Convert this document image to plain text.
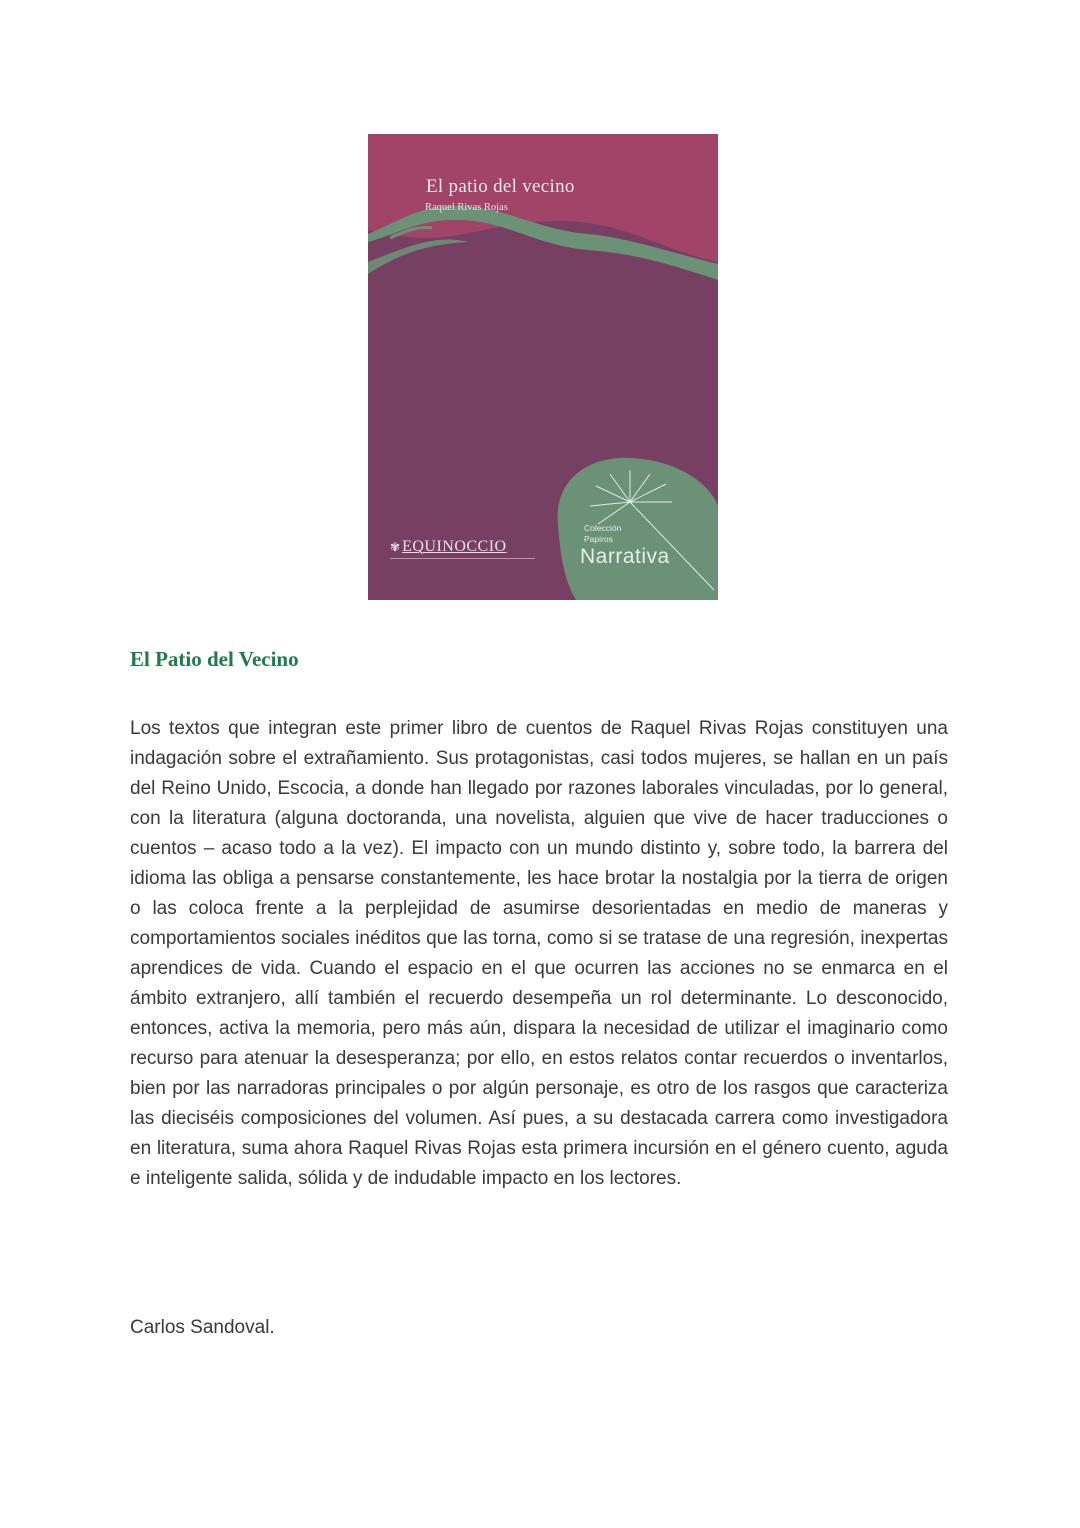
El patio del vecino
Raquel Rivas Rojas
✾ EQUINOCCIO
Colección
Papiros
Narrativa
El Patio del Vecino

Los textos que integran este primer libro de cuentos de Raquel Rivas Rojas constituyen una indagación sobre el extrañamiento. Sus protagonistas, casi todos mujeres, se hallan en un país del Reino Unido, Escocia, a donde han llegado por razones laborales vinculadas, por lo general, con la literatura (alguna doctoranda, una novelista, alguien que vive de hacer traducciones o cuentos – acaso todo a la vez). El impacto con un mundo distinto y, sobre todo, la barrera del idioma las obliga a pensarse constantemente, les hace brotar la nostalgia por la tierra de origen o las coloca frente a la perplejidad de asumirse desorientadas en medio de maneras y comportamientos sociales inéditos que las torna, como si se tratase de una regresión, inexpertas aprendices de vida. Cuando el espacio en el que ocurren las acciones no se enmarca en el ámbito extranjero, allí también el recuerdo desempeña un rol determinante. Lo desconocido, entonces, activa la memoria, pero más aún, dispara la necesidad de utilizar el imaginario como recurso para atenuar la desesperanza; por ello, en estos relatos contar recuerdos o inventarlos, bien por las narradoras principales o por algún personaje, es otro de los rasgos que caracteriza las dieciséis composiciones del volumen. Así pues, a su destacada carrera como investigadora en literatura, suma ahora Raquel Rivas Rojas esta primera incursión en el género cuento, aguda e inteligente salida, sólida y de indudable impacto en los lectores.

Carlos Sandoval.
